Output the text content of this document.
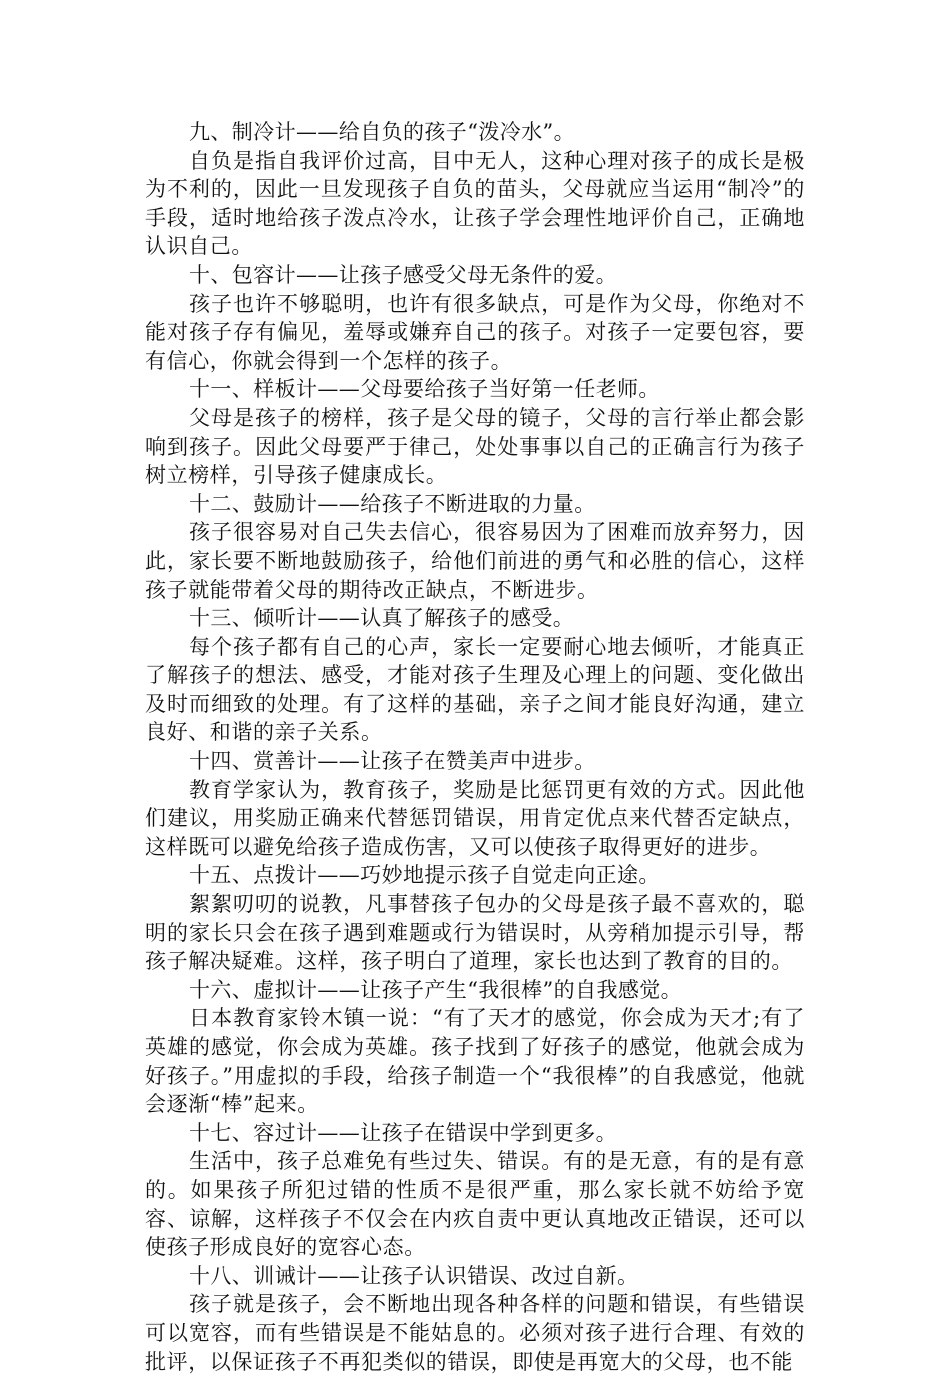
九、制冷计——给自负的孩子“泼冷水”。

自负是指自我评价过高，目中无人，这种心理对孩子的成长是极为不利的，因此一旦发现孩子自负的苗头，父母就应当运用“制冷”的手段，适时地给孩子泼点冷水，让孩子学会理性地评价自己，正确地认识自己。

十、包容计——让孩子感受父母无条件的爱。

孩子也许不够聪明，也许有很多缺点，可是作为父母，你绝对不能对孩子存有偏见，羞辱或嫌弃自己的孩子。对孩子一定要包容，要有信心，你就会得到一个怎样的孩子。

十一、样板计——父母要给孩子当好第一任老师。

父母是孩子的榜样，孩子是父母的镜子，父母的言行举止都会影响到孩子。因此父母要严于律己，处处事事以自己的正确言行为孩子树立榜样，引导孩子健康成长。

十二、鼓励计——给孩子不断进取的力量。

孩子很容易对自己失去信心，很容易因为了困难而放弃努力，因此，家长要不断地鼓励孩子，给他们前进的勇气和必胜的信心，这样孩子就能带着父母的期待改正缺点，不断进步。

十三、倾听计——认真了解孩子的感受。

每个孩子都有自己的心声，家长一定要耐心地去倾听，才能真正了解孩子的想法、感受，才能对孩子生理及心理上的问题、变化做出及时而细致的处理。有了这样的基础，亲子之间才能良好沟通，建立良好、和谐的亲子关系。

十四、赏善计——让孩子在赞美声中进步。

教育学家认为，教育孩子，奖励是比惩罚更有效的方式。因此他们建议，用奖励正确来代替惩罚错误，用肯定优点来代替否定缺点，这样既可以避免给孩子造成伤害，又可以使孩子取得更好的进步。

十五、点拨计——巧妙地提示孩子自觉走向正途。

絮絮叨叨的说教，凡事替孩子包办的父母是孩子最不喜欢的，聪明的家长只会在孩子遇到难题或行为错误时，从旁稍加提示引导，帮孩子解决疑难。这样，孩子明白了道理，家长也达到了教育的目的。

十六、虚拟计——让孩子产生“我很棒”的自我感觉。

日本教育家铃木镇一说：“有了天才的感觉，你会成为天才;有了英雄的感觉，你会成为英雄。孩子找到了好孩子的感觉，他就会成为好孩子。”用虚拟的手段，给孩子制造一个“我很棒”的自我感觉，他就会逐渐“棒”起来。

十七、容过计——让孩子在错误中学到更多。

生活中，孩子总难免有些过失、错误。有的是无意，有的是有意的。如果孩子所犯过错的性质不是很严重，那么家长就不妨给予宽容、谅解，这样孩子不仅会在内疚自责中更认真地改正错误，还可以使孩子形成良好的宽容心态。

十八、训诫计——让孩子认识错误、改过自新。

孩子就是孩子，会不断地出现各种各样的问题和错误，有些错误可以宽容，而有些错误是不能姑息的。必须对孩子进行合理、有效的批评，以保证孩子不再犯类似的错误，即使是再宽大的父母，也不能
